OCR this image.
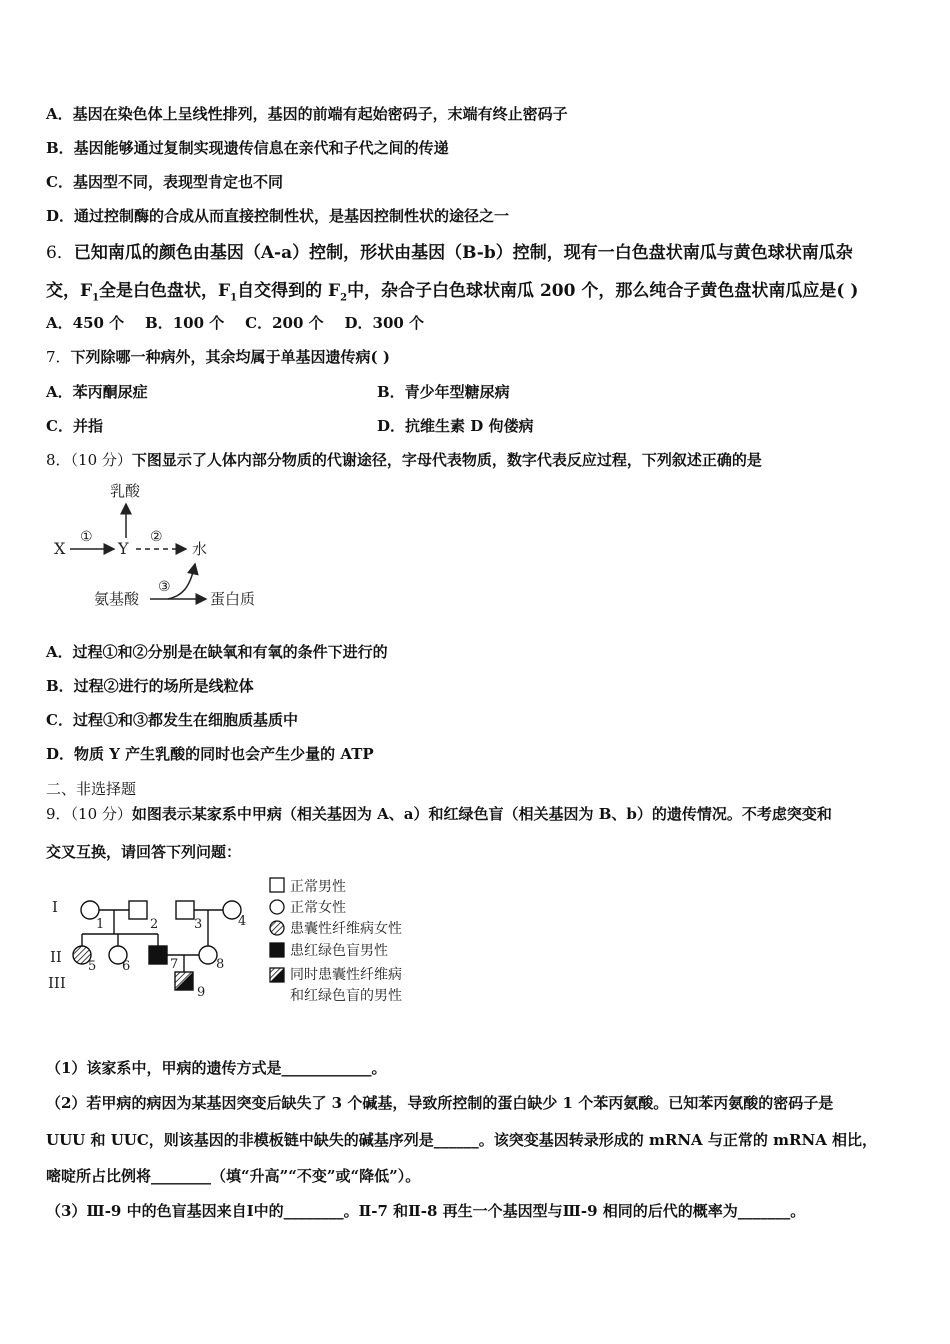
A．基因在染色体上呈线性排列，基因的前端有起始密码子，末端有终止密码子
B．基因能够通过复制实现遗传信息在亲代和子代之间的传递
C．基因型不同，表现型肯定也不同
D．通过控制酶的合成从而直接控制性状，是基因控制性状的途径之一
6．已知南瓜的颜色由基因（A-a）控制，形状由基因（B-b）控制，现有一白色盘状南瓜与黄色球状南瓜杂
交，$F_1$全是白色盘状，$F_1$自交得到的 $F_2$中，杂合子白色球状南瓜 200 个，那么纯合子黄色盘状南瓜应是( )
A．450 个    B．100 个    C．200 个    D．300 个
7．下列除哪一种病外，其余均属于单基因遗传病( )
A．苯丙酮尿症	B．青少年型糖尿病
C．并指	D．抗维生素 D 佝偻病
8．（10 分）下图显示了人体内部分物质的代谢途径，字母代表物质，数字代表反应过程，下列叙述正确的是
乳酸
X
①
Y
②
水
氨基酸
③
蛋白质
A．过程①和②分别是在缺氧和有氧的条件下进行的
B．过程②进行的场所是线粒体
C．过程①和③都发生在细胞质基质中
D．物质 Y 产生乳酸的同时也会产生少量的 ATP
二、非选择题
9．（10 分）如图表示某家系中甲病（相关基因为 A、a）和红绿色盲（相关基因为 B、b）的遗传情况。不考虑突变和
交叉互换，请回答下列问题：
I
II
III
1	2	3	4
5 6	7	8
9
正常男性
正常女性
患囊性纤维病女性
患红绿色盲男性
同时患囊性纤维病
和红绿色盲的男性
（1）该家系中，甲病的遗传方式是____________。
（2）若甲病的病因为某基因突变后缺失了 3 个碱基，导致所控制的蛋白缺少 1 个苯丙氨酸。已知苯丙氨酸的密码子是
UUU 和 UUC，则该基因的非模板链中缺失的碱基序列是______。该突变基因转录形成的 mRNA 与正常的 mRNA 相比，
嘧啶所占比例将________（填“升高”“不变”或“降低”）。
（3）Ⅲ-9 中的色盲基因来自Ⅰ中的________。Ⅱ-7 和Ⅱ-8 再生一个基因型与Ⅲ-9 相同的后代的概率为_______。
